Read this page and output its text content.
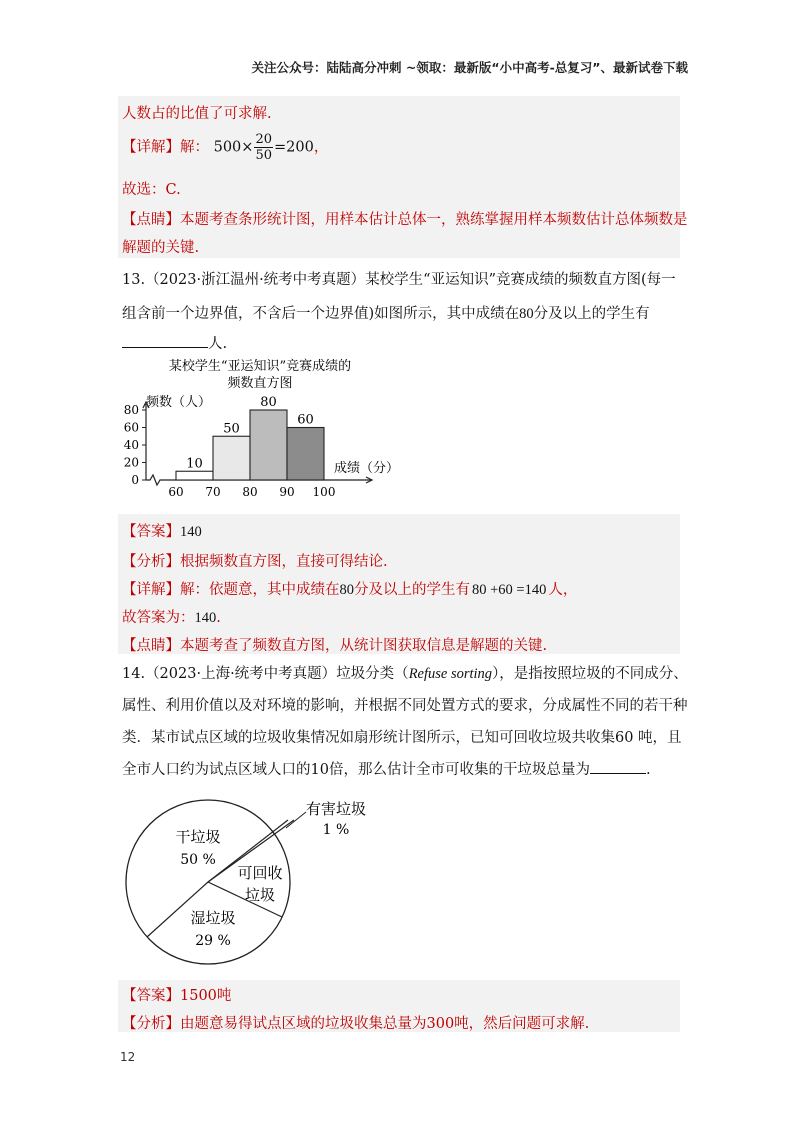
关注公众号：陆陆高分冲刺 ~领取：最新版“小中高考-总复习”、最新试卷下载
人数占的比值了可求解.
【详解】解： $500\times \frac{20}{50} =200$，
故选：C.
【点睛】本题考查条形统计图，用样本估计总体一，熟练掌握用样本频数估计总体频数是
解题的关键.
13.（2023·浙江温州·统考中考真题）某校学生“亚运知识”竞赛成绩的频数直方图(每一
组含前一个边界值，不含后一个边界值)如图所示，其中成绩在80分及以上的学生有
人.
某校学生“亚运知识”竞赛成绩的
频数直方图
频数（人）
成绩（分）
0
20
40
60
80
60 70 80 90 100
10
50
80
60
【答案】140
【分析】根据频数直方图，直接可得结论.
【详解】解：依题意，其中成绩在80分及以上的学生有 80 +60 =140 人，
故答案为：140.
【点睛】本题考查了频数直方图，从统计图获取信息是解题的关键.
14.（2023·上海·统考中考真题）垃圾分类（Refuse sorting），是指按照垃圾的不同成分、
属性、利用价值以及对环境的影响，并根据不同处置方式的要求，分成属性不同的若干种
类．某市试点区域的垃圾收集情况如扇形统计图所示，已知可回收垃圾共收集60 吨，且
全市人口约为试点区域人口的10倍，那么估计全市可收集的干垃圾总量为	.
干垃圾
50 %
湿垃圾
29 %
可回收
垃圾
有害垃圾
1 %
【答案】1500吨
【分析】由题意易得试点区域的垃圾收集总量为300吨，然后问题可求解.
12
